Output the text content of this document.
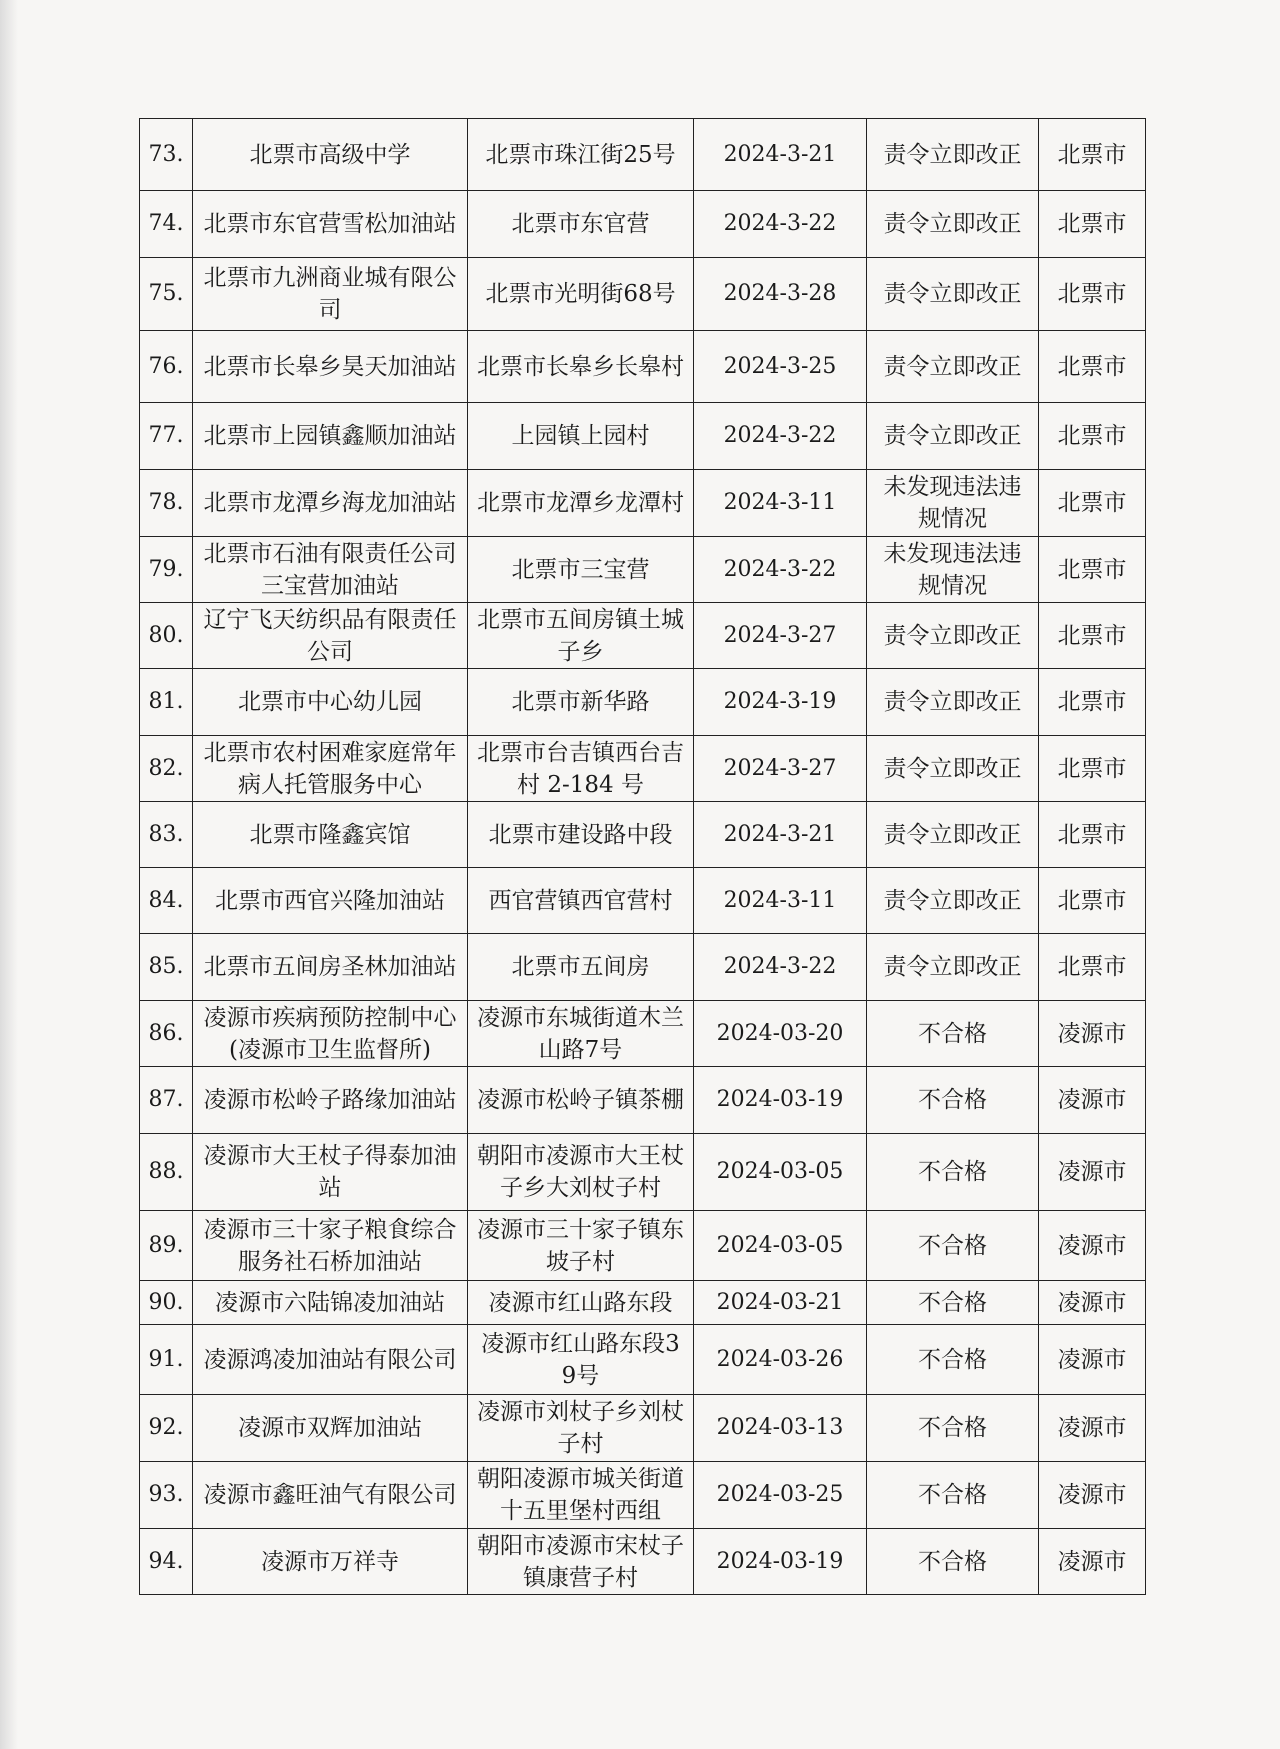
73.	北票市高级中学	北票市珠江街25号	2024-3-21	责令立即改正	北票市
74.	北票市东官营雪松加油站	北票市东官营	2024-3-22	责令立即改正	北票市
75.	北票市九洲商业城有限公司	北票市光明街68号	2024-3-28	责令立即改正	北票市
76.	北票市长皋乡昊天加油站	北票市长皋乡长皋村	2024-3-25	责令立即改正	北票市
77.	北票市上园镇鑫顺加油站	上园镇上园村	2024-3-22	责令立即改正	北票市
78.	北票市龙潭乡海龙加油站	北票市龙潭乡龙潭村	2024-3-11	未发现违法违规情况	北票市
79.	北票市石油有限责任公司三宝营加油站	北票市三宝营	2024-3-22	未发现违法违规情况	北票市
80.	辽宁飞天纺织品有限责任公司	北票市五间房镇土城子乡	2024-3-27	责令立即改正	北票市
81.	北票市中心幼儿园	北票市新华路	2024-3-19	责令立即改正	北票市
82.	北票市农村困难家庭常年病人托管服务中心	北票市台吉镇西台吉村 2-184 号	2024-3-27	责令立即改正	北票市
83.	北票市隆鑫宾馆	北票市建设路中段	2024-3-21	责令立即改正	北票市
84.	北票市西官兴隆加油站	西官营镇西官营村	2024-3-11	责令立即改正	北票市
85.	北票市五间房圣林加油站	北票市五间房	2024-3-22	责令立即改正	北票市
86.	凌源市疾病预防控制中心(凌源市卫生监督所)	凌源市东城街道木兰山路7号	2024-03-20	不合格	凌源市
87.	凌源市松岭子路缘加油站	凌源市松岭子镇茶棚	2024-03-19	不合格	凌源市
88.	凌源市大王杖子得泰加油站	朝阳市凌源市大王杖子乡大刘杖子村	2024-03-05	不合格	凌源市
89.	凌源市三十家子粮食综合服务社石桥加油站	凌源市三十家子镇东坡子村	2024-03-05	不合格	凌源市
90.	凌源市六陆锦凌加油站	凌源市红山路东段	2024-03-21	不合格	凌源市
91.	凌源鸿凌加油站有限公司	凌源市红山路东段39号	2024-03-26	不合格	凌源市
92.	凌源市双辉加油站	凌源市刘杖子乡刘杖子村	2024-03-13	不合格	凌源市
93.	凌源市鑫旺油气有限公司	朝阳凌源市城关街道十五里堡村西组	2024-03-25	不合格	凌源市
94.	凌源市万祥寺	朝阳市凌源市宋杖子镇康营子村	2024-03-19	不合格	凌源市
